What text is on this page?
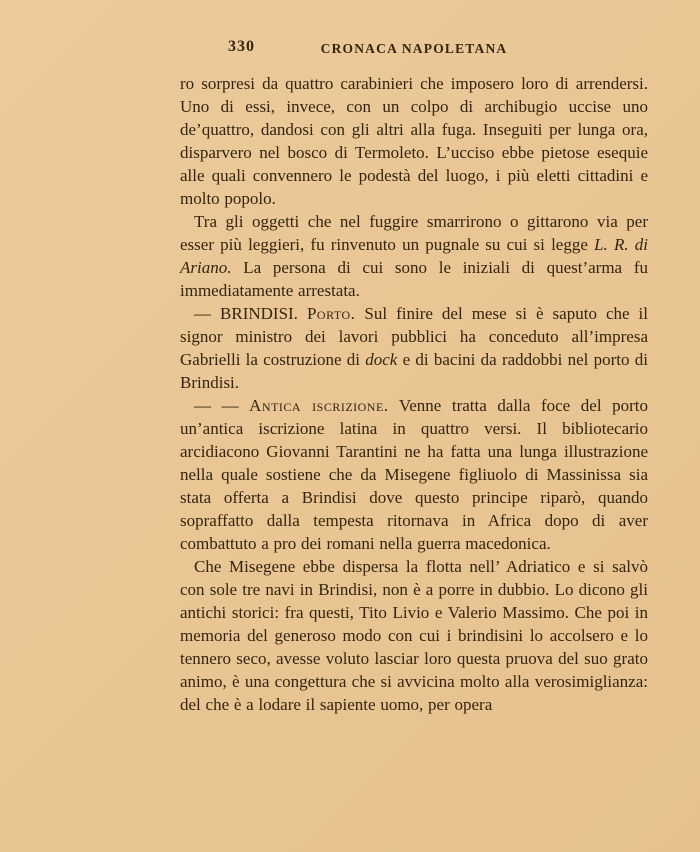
330	CRONACA NAPOLETANA

ro sorpresi da quattro carabinieri che imposero loro di arrendersi. Uno di essi, invece, con un colpo di archibugio uccise uno de’quattro, dandosi con gli altri alla fuga. Inseguiti per lunga ora, disparvero nel bosco di Termoleto. L’ucciso ebbe pietose esequie alle quali convennero le podestà del luogo, i più eletti cittadini e molto popolo.

Tra gli oggetti che nel fuggire smarrirono o gittarono via per esser più leggieri, fu rinvenuto un pugnale su cui si legge L. R. di Ariano. La persona di cui sono le iniziali di quest’arma fu immediatamente arrestata.

— BRINDISI. Porto. Sul finire del mese si è saputo che il signor ministro dei lavori pubblici ha conceduto all’impresa Gabrielli la costruzione di dock e di bacini da raddobbi nel porto di Brindisi.

— — Antica iscrizione. Venne tratta dalla foce del porto un’antica iscrizione latina in quattro versi. Il bibliotecario arcidiacono Giovanni Tarantini ne ha fatta una lunga illustrazione nella quale sostiene che da Misegene figliuolo di Massinissa sia stata offerta a Brindisi dove questo principe riparò, quando sopraffatto dalla tempesta ritornava in Africa dopo di aver combattuto a pro dei romani nella guerra macedonica.

Che Misegene ebbe dispersa la flotta nell’ Adriatico e si salvò con sole tre navi in Brindisi, non è a porre in dubbio. Lo dicono gli antichi storici: fra questi, Tito Livio e Valerio Massimo. Che poi in memoria del generoso modo con cui i brindisini lo accolsero e lo tennero seco, avesse voluto lasciar loro questa pruova del suo grato animo, è una congettura che si avvicina molto alla verosimiglianza: del che è a lodare il sapiente uomo, per opera
